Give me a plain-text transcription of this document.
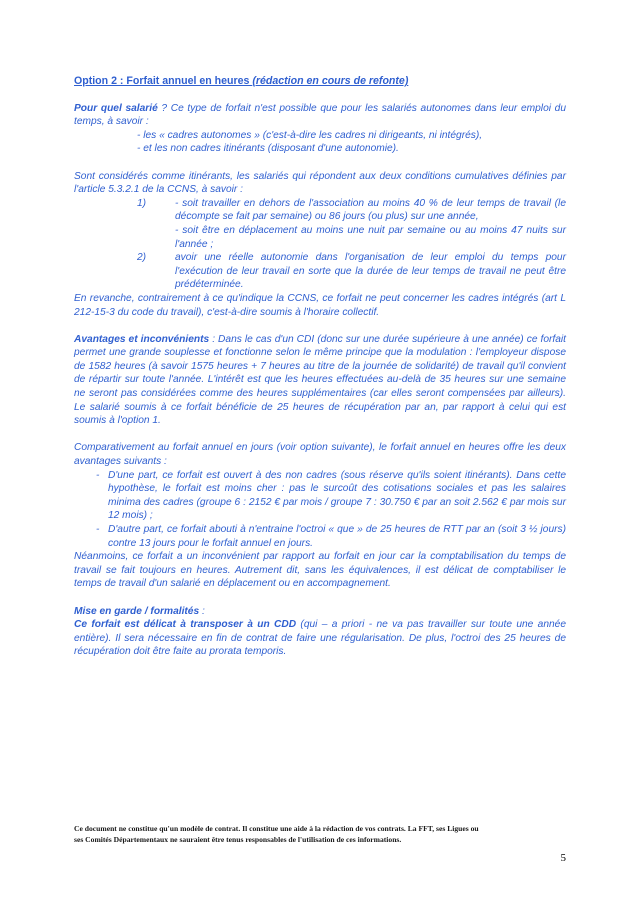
Option 2 : Forfait annuel en heures (rédaction en cours de refonte)

Pour quel salarié ? Ce type de forfait n'est possible que pour les salariés autonomes dans leur emploi du temps, à savoir :

- les « cadres autonomes » (c'est-à-dire les cadres ni dirigeants, ni intégrés),

- et les non cadres itinérants (disposant d'une autonomie).

Sont considérés comme itinérants, les salariés qui répondent aux deux conditions cumulatives définies par l'article 5.3.2.1 de la CCNS, à savoir :

1)	- soit travailler en dehors de l'association au moins 40 % de leur temps de travail (le décompte se fait par semaine) ou 86 jours (ou plus) sur une année,

- soit être en déplacement au moins une nuit par semaine ou au moins 47 nuits sur l'année ;

2)	avoir une réelle autonomie dans l'organisation de leur emploi du temps pour l'exécution de leur travail en sorte que la durée de leur temps de travail ne peut être prédéterminée.

En revanche, contrairement à ce qu'indique la CCNS, ce forfait ne peut concerner les cadres intégrés (art L 212-15-3 du code du travail), c'est-à-dire soumis à l'horaire collectif.

Avantages et inconvénients : Dans le cas d'un CDI (donc sur une durée supérieure à une année) ce forfait permet une grande souplesse et fonctionne selon le même principe que la modulation : l'employeur dispose de 1582 heures (à savoir 1575 heures + 7 heures au titre de la journée de solidarité) de travail qu'il convient de répartir sur toute l'année. L'intérêt est que les heures effectuées au-delà de 35 heures sur une semaine ne seront pas considérées comme des heures supplémentaires (car elles seront compensées par ailleurs). Le salarié soumis à ce forfait bénéficie de 25 heures de récupération par an, par rapport à celui qui est soumis à l'option 1.

Comparativement au forfait annuel en jours (voir option suivante), le forfait annuel en heures offre les deux avantages suivants :

- D'une part, ce forfait est ouvert à des non cadres (sous réserve qu'ils soient itinérants). Dans cette hypothèse, le forfait est moins cher : pas le surcoût des cotisations sociales et pas les salaires minima des cadres (groupe 6 : 2152 € par mois / groupe 7 : 30.750 € par an soit 2.562 € par mois sur 12 mois) ;
- D'autre part, ce forfait abouti à n'entraine l'octroi « que » de 25 heures de RTT par an (soit 3 ½ jours) contre 13 jours pour le forfait annuel en jours.

Néanmoins, ce forfait a un inconvénient par rapport au forfait en jour car la comptabilisation du temps de travail se fait toujours en heures. Autrement dit, sans les équivalences, il est délicat de comptabiliser le temps de travail d'un salarié en déplacement ou en accompagnement.

Mise en garde / formalités :

Ce forfait est délicat à transposer à un CDD (qui – a priori - ne va pas travailler sur toute une année entière). Il sera nécessaire en fin de contrat de faire une régularisation. De plus, l'octroi des 25 heures de récupération doit être faite au prorata temporis.

Ce document ne constitue qu'un modèle de contrat. Il constitue une aide à la rédaction de vos contrats. La FFT, ses Ligues ou
ses Comités Départementaux ne sauraient être tenus responsables de l'utilisation de ces informations.
5
